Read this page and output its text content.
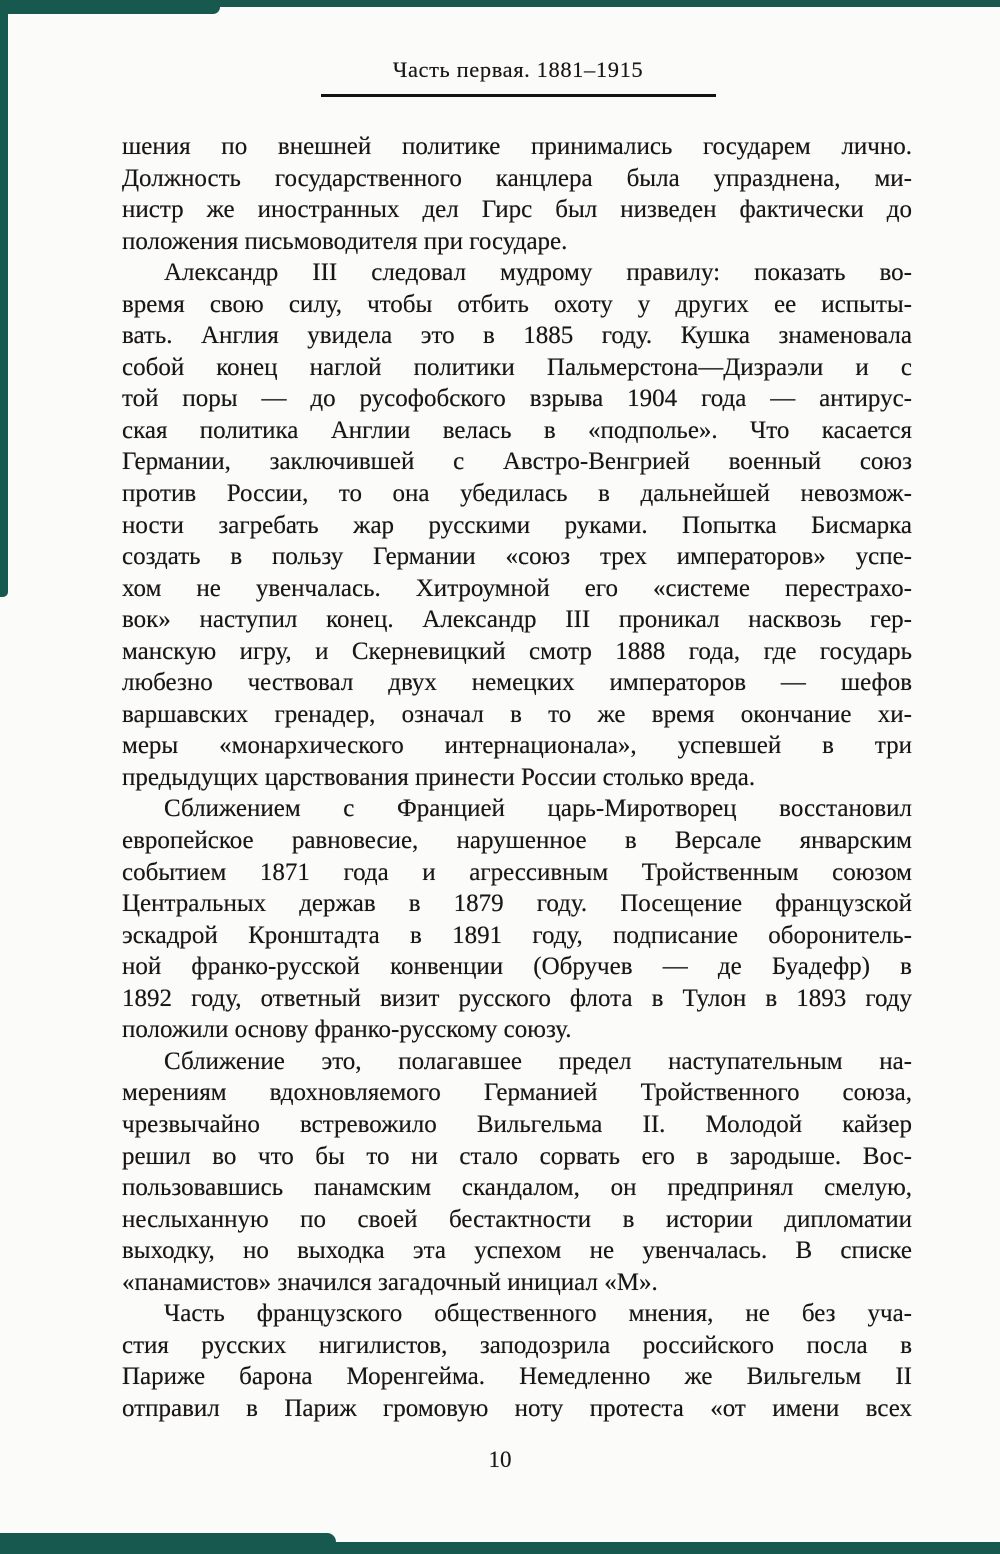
Часть первая. 1881–1915
шения по внешней политике принимались государем лично.
Должность государственного канцлера была упразднена, ми-
нистр же иностранных дел Гирс был низведен фактически до
положения письмоводителя при государе.
Александр III следовал мудрому правилу: показать во-
время свою силу, чтобы отбить охоту у других ее испыты-
вать. Англия увидела это в 1885 году. Кушка знаменовала
собой конец наглой политики Пальмерстона—Дизраэли и с
той поры — до русофобского взрыва 1904 года — антирус-
ская политика Англии велась в «подполье». Что касается
Германии, заключившей с Австро-Венгрией военный союз
против России, то она убедилась в дальнейшей невозмож-
ности загребать жар русскими руками. Попытка Бисмарка
создать в пользу Германии «союз трех императоров» успе-
хом не увенчалась. Хитроумной его «системе перестрахо-
вок» наступил конец. Александр III проникал насквозь гер-
манскую игру, и Скерневицкий смотр 1888 года, где государь
любезно чествовал двух немецких императоров — шефов
варшавских гренадер, означал в то же время окончание хи-
меры «монархического интернационала», успевшей в три
предыдущих царствования принести России столько вреда.
Сближением с Францией царь-Миротворец восстановил
европейское равновесие, нарушенное в Версале январским
событием 1871 года и агрессивным Тройственным союзом
Центральных держав в 1879 году. Посещение французской
эскадрой Кронштадта в 1891 году, подписание оборонитель-
ной франко-русской конвенции (Обручев — де Буадефр) в
1892 году, ответный визит русского флота в Тулон в 1893 году
положили основу франко-русскому союзу.
Сближение это, полагавшее предел наступательным на-
мерениям вдохновляемого Германией Тройственного союза,
чрезвычайно встревожило Вильгельма II. Молодой кайзер
решил во что бы то ни стало сорвать его в зародыше. Вос-
пользовавшись панамским скандалом, он предпринял смелую,
неслыханную по своей бестактности в истории дипломатии
выходку, но выходка эта успехом не увенчалась. В списке
«панамистов» значился загадочный инициал «М».
Часть французского общественного мнения, не без уча-
стия русских нигилистов, заподозрила российского посла в
Париже барона Моренгейма. Немедленно же Вильгельм II
отправил в Париж громовую ноту протеста «от имени всех
10
